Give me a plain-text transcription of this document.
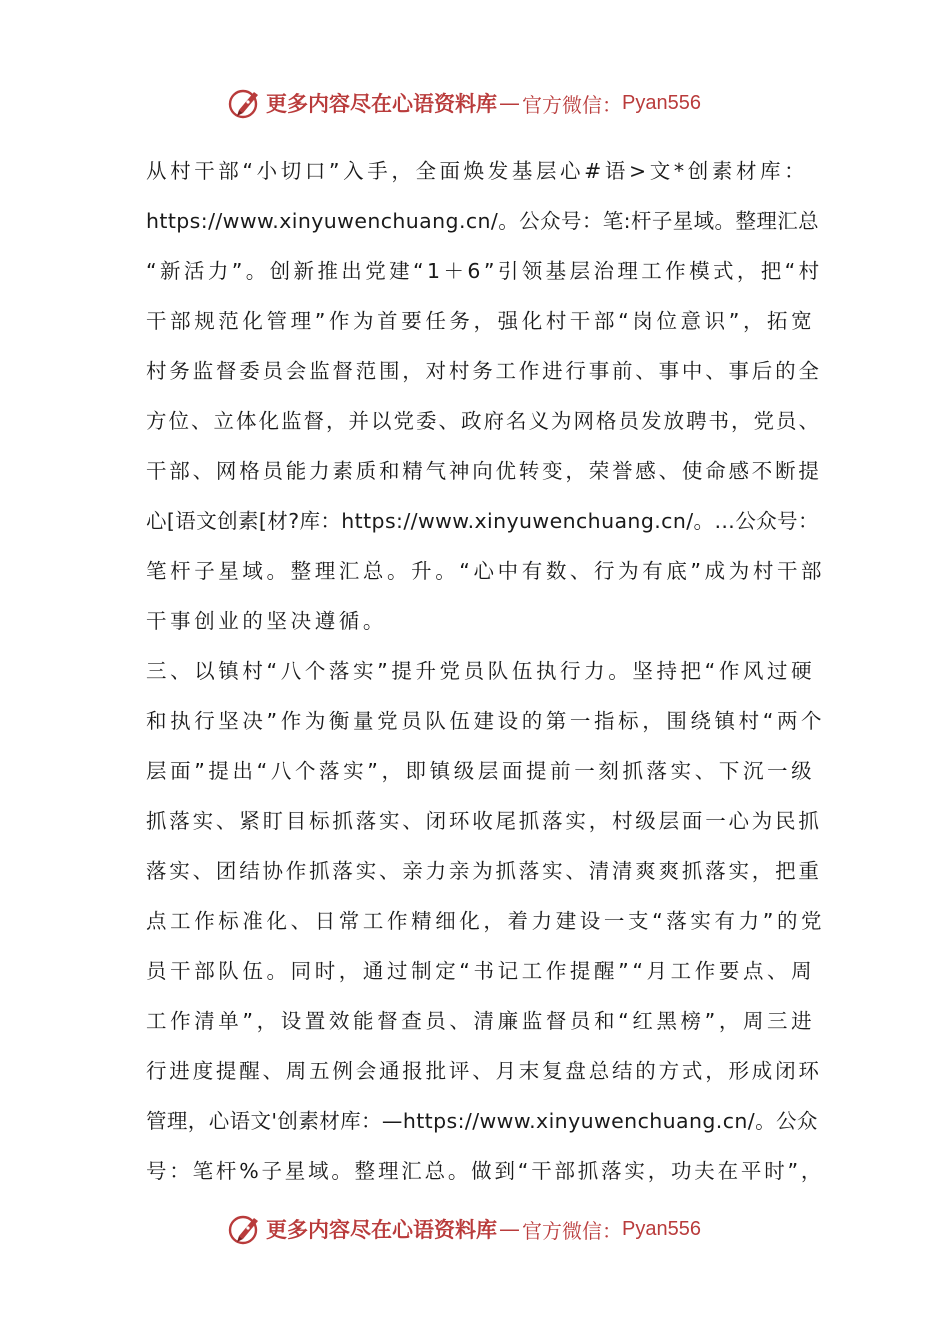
更多内容尽在心语资料库 — 官方微信： Pyan556
从村干部“小切口”入手，全面焕发基层心#语>文*创素材库：
https://www.xinyuwenchuang.cn/。公众号：笔:杆子星域。整理汇总
“新活力”。创新推出党建“1＋6”引领基层治理工作模式，把“村
干部规范化管理”作为首要任务，强化村干部“岗位意识”，拓宽
村务监督委员会监督范围，对村务工作进行事前、事中、事后的全
方位、立体化监督，并以党委、政府名义为网格员发放聘书，党员、
干部、网格员能力素质和精气神向优转变，荣誉感、使命感不断提
心[语文创素[材?库：https://www.xinyuwenchuang.cn/。…公众号：
笔杆子星域。整理汇总。升。“心中有数、行为有底”成为村干部
干事创业的坚决遵循。
三、以镇村“八个落实”提升党员队伍执行力。坚持把“作风过硬
和执行坚决”作为衡量党员队伍建设的第一指标，围绕镇村“两个
层面”提出“八个落实”，即镇级层面提前一刻抓落实、下沉一级
抓落实、紧盯目标抓落实、闭环收尾抓落实，村级层面一心为民抓
落实、团结协作抓落实、亲力亲为抓落实、清清爽爽抓落实，把重
点工作标准化、日常工作精细化，着力建设一支“落实有力”的党
员干部队伍。同时，通过制定“书记工作提醒”“月工作要点、周
工作清单”，设置效能督查员、清廉监督员和“红黑榜”，周三进
行进度提醒、周五例会通报批评、月末复盘总结的方式，形成闭环
管理，心语文'创素材库：—https://www.xinyuwenchuang.cn/。公众
号：笔杆%子星域。整理汇总。做到“干部抓落实，功夫在平时”，
更多内容尽在心语资料库 — 官方微信： Pyan556
